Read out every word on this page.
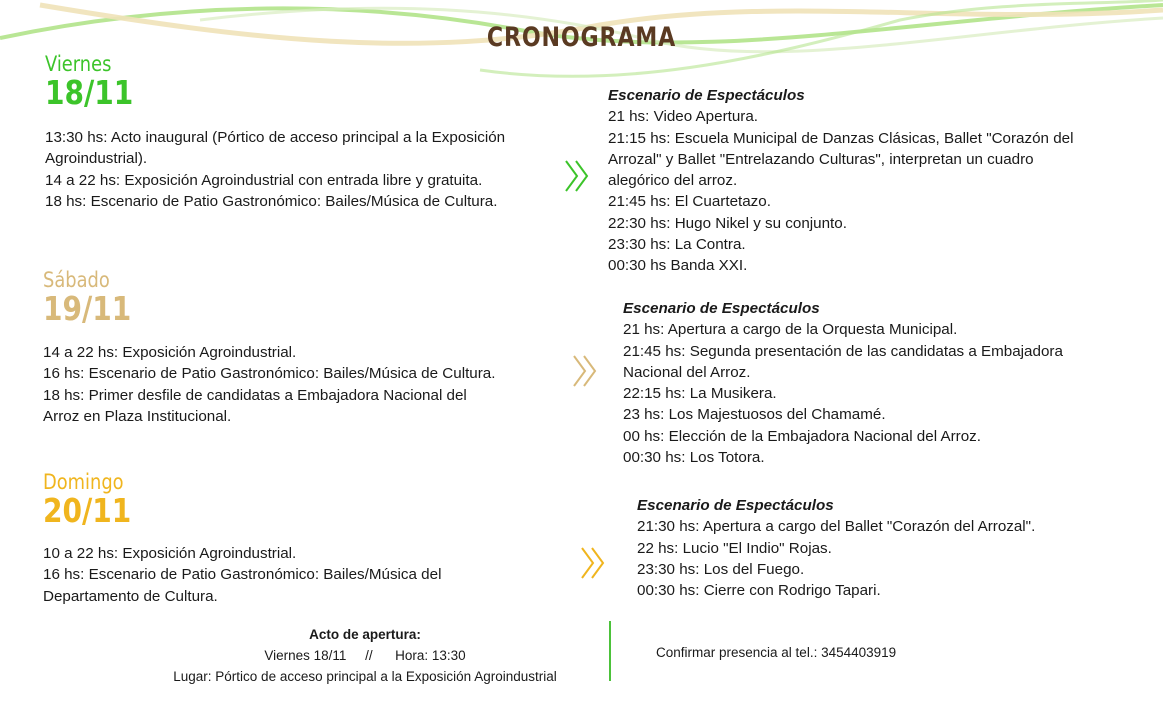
CRONOGRAMA
Viernes
18/11
13:30 hs: Acto inaugural (Pórtico de acceso principal a la Exposición
Agroindustrial).
14 a 22 hs: Exposición Agroindustrial con entrada libre y gratuita.
18 hs: Escenario de Patio Gastronómico: Bailes/Música de Cultura.
Escenario de Espectáculos
21 hs: Video Apertura.
21:15 hs: Escuela Municipal de Danzas Clásicas, Ballet "Corazón del
Arrozal" y Ballet "Entrelazando Culturas", interpretan un cuadro
alegórico del arroz.
21:45 hs: El Cuartetazo.
22:30 hs: Hugo Nikel y su conjunto.
23:30 hs: La Contra.
00:30 hs Banda XXI.
Sábado
19/11
14 a 22 hs: Exposición Agroindustrial.
16 hs: Escenario de Patio Gastronómico: Bailes/Música de Cultura.
18 hs: Primer desfile de candidatas a Embajadora Nacional del
Arroz en Plaza Institucional.
Escenario de Espectáculos
21 hs: Apertura a cargo de la Orquesta Municipal.
21:45 hs: Segunda presentación de las candidatas a Embajadora
Nacional del Arroz.
22:15 hs: La Musikera.
23 hs: Los Majestuosos del Chamamé.
00 hs: Elección de la Embajadora Nacional del Arroz.
00:30 hs: Los Totora.
Domingo
20/11
10 a 22 hs: Exposición Agroindustrial.
16 hs: Escenario de Patio Gastronómico: Bailes/Música del
Departamento de Cultura.
Escenario de Espectáculos
21:30 hs: Apertura a cargo del Ballet "Corazón del Arrozal".
22 hs: Lucio "El Indio" Rojas.
23:30 hs: Los del Fuego.
00:30 hs: Cierre con Rodrigo Tapari.
Acto de apertura:
Viernes 18/11     //      Hora: 13:30
Lugar: Pórtico de acceso principal a la Exposición Agroindustrial
Confirmar presencia al tel.: 3454403919
